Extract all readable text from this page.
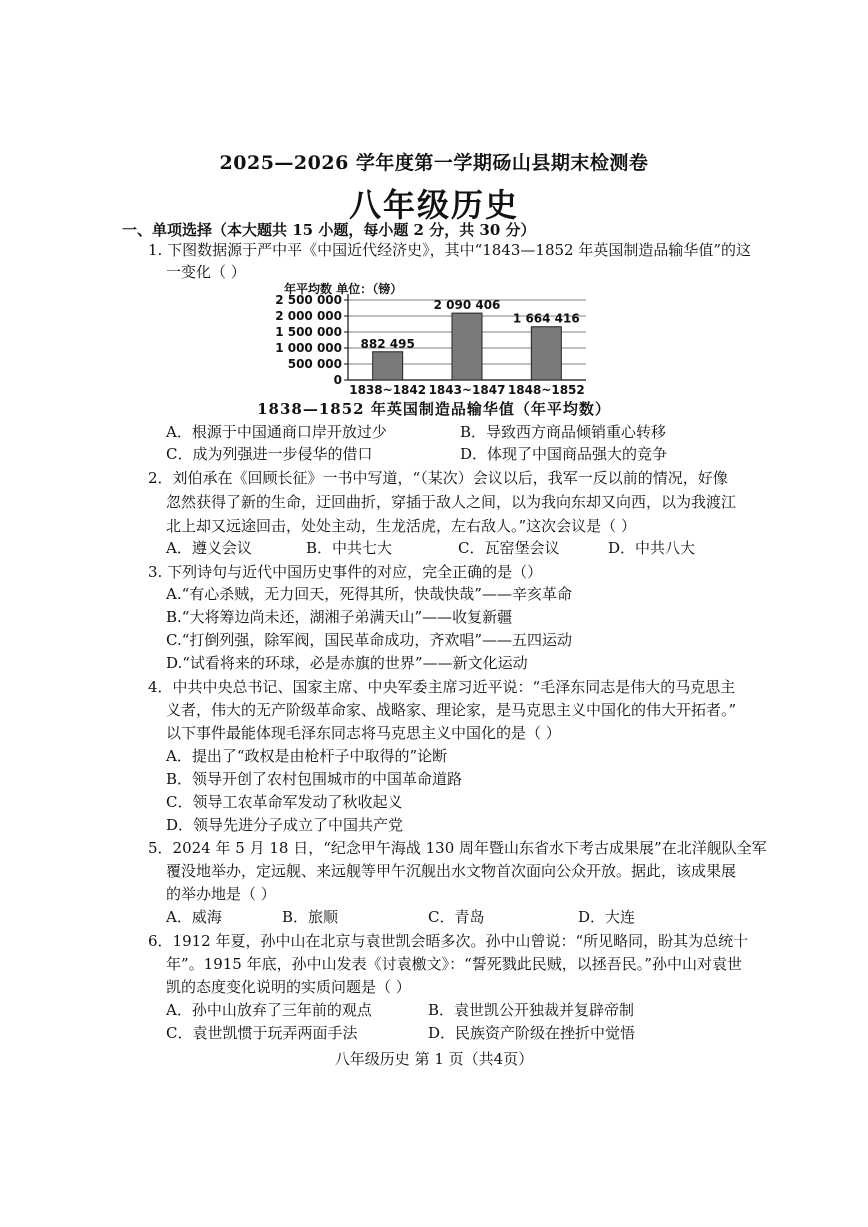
2025—2026 学年度第一学期砀山县期末检测卷
八年级历史
一、单项选择（本大题共 15 小题，每小题 2 分，共 30 分）
1. 下图数据源于严中平《中国近代经济史》，其中“1843—1852 年英国制造品输华值”的这
一变化（ ）
年平均数 单位：（镑）
0
500 000
1 000 000
1 500 000
2 000 000
2 500 000
882 495
1838~1842
2 090 406
1843~1847
1 664 416
1848~1852
1838—1852 年英国制造品输华值（年平均数）
A．根源于中国通商口岸开放过少	B．导致西方商品倾销重心转移
C．成为列强进一步侵华的借口	D．体现了中国商品强大的竞争
2．刘伯承在《回顾长征》一书中写道，“（某次）会议以后，我军一反以前的情况，好像
忽然获得了新的生命，迂回曲折，穿插于敌人之间，以为我向东却又向西，以为我渡江
北上却又远途回击，处处主动，生龙活虎，左右敌人。”这次会议是（ ）
A．遵义会议	B．中共七大	C．瓦窑堡会议	D．中共八大
3. 下列诗句与近代中国历史事件的对应，完全正确的是（）
A.“有心杀贼，无力回天，死得其所，快哉快哉”——辛亥革命
B.“大将筹边尚未还，湖湘子弟满天山”——收复新疆
C.“打倒列强，除军阀，国民革命成功，齐欢唱”——五四运动
D.“试看将来的环球，必是赤旗的世界”——新文化运动
4．中共中央总书记、国家主席、中央军委主席习近平说：“毛泽东同志是伟大的马克思主
义者，伟大的无产阶级革命家、战略家、理论家，是马克思主义中国化的伟大开拓者。”
以下事件最能体现毛泽东同志将马克思主义中国化的是（ ）
A．提出了“政权是由枪杆子中取得的”论断
B．领导开创了农村包围城市的中国革命道路
C．领导工农革命军发动了秋收起义
D．领导先进分子成立了中国共产党
5．2024 年 5 月 18 日，“纪念甲午海战 130 周年暨山东省水下考古成果展”在北洋舰队全军
覆没地举办，定远舰、来远舰等甲午沉舰出水文物首次面向公众开放。据此，该成果展
的举办地是（ ）
A．威海	B．旅顺	C．青岛	D．大连
6．1912 年夏，孙中山在北京与袁世凯会晤多次。孙中山曾说：“所见略同，盼其为总统十
年”。1915 年底，孙中山发表《讨袁檄文》：“誓死戮此民贼，以拯吾民。”孙中山对袁世
凯的态度变化说明的实质问题是（ ）
A．孙中山放弃了三年前的观点	B．袁世凯公开独裁并复辟帝制
C．袁世凯惯于玩弄两面手法	D．民族资产阶级在挫折中觉悟
八年级历史 第 1 页（共4页）
